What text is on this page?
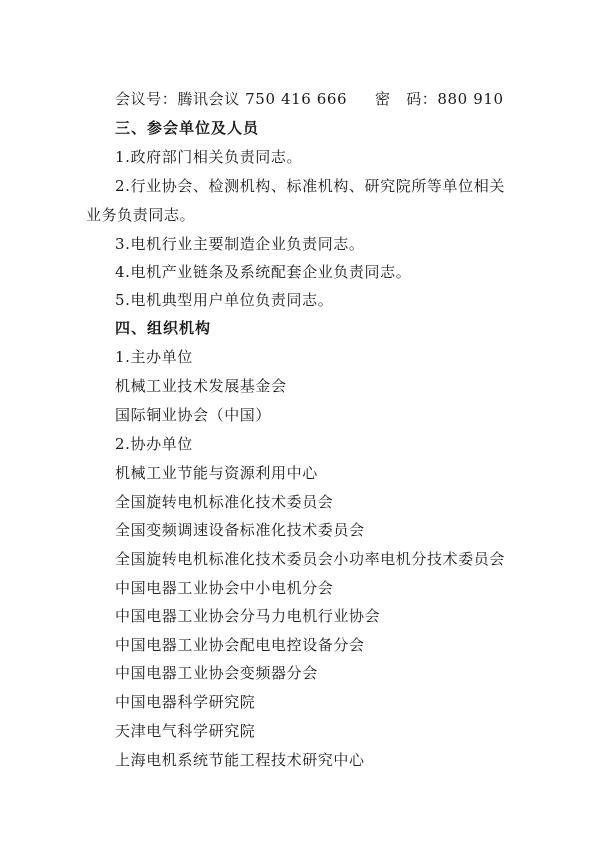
会议号：腾讯会议 750 416 666 密　码：880 910
三、参会单位及人员
1.政府部门相关负责同志。
2.行业协会、检测机构、标准机构、研究院所等单位相关
业务负责同志。
3.电机行业主要制造企业负责同志。
4.电机产业链条及系统配套企业负责同志。
5.电机典型用户单位负责同志。
四、组织机构
1.主办单位
机械工业技术发展基金会
国际铜业协会（中国）
2.协办单位
机械工业节能与资源利用中心
全国旋转电机标准化技术委员会
全国变频调速设备标准化技术委员会
全国旋转电机标准化技术委员会小功率电机分技术委员会
中国电器工业协会中小电机分会
中国电器工业协会分马力电机行业协会
中国电器工业协会配电电控设备分会
中国电器工业协会变频器分会
中国电器科学研究院
天津电气科学研究院
上海电机系统节能工程技术研究中心
